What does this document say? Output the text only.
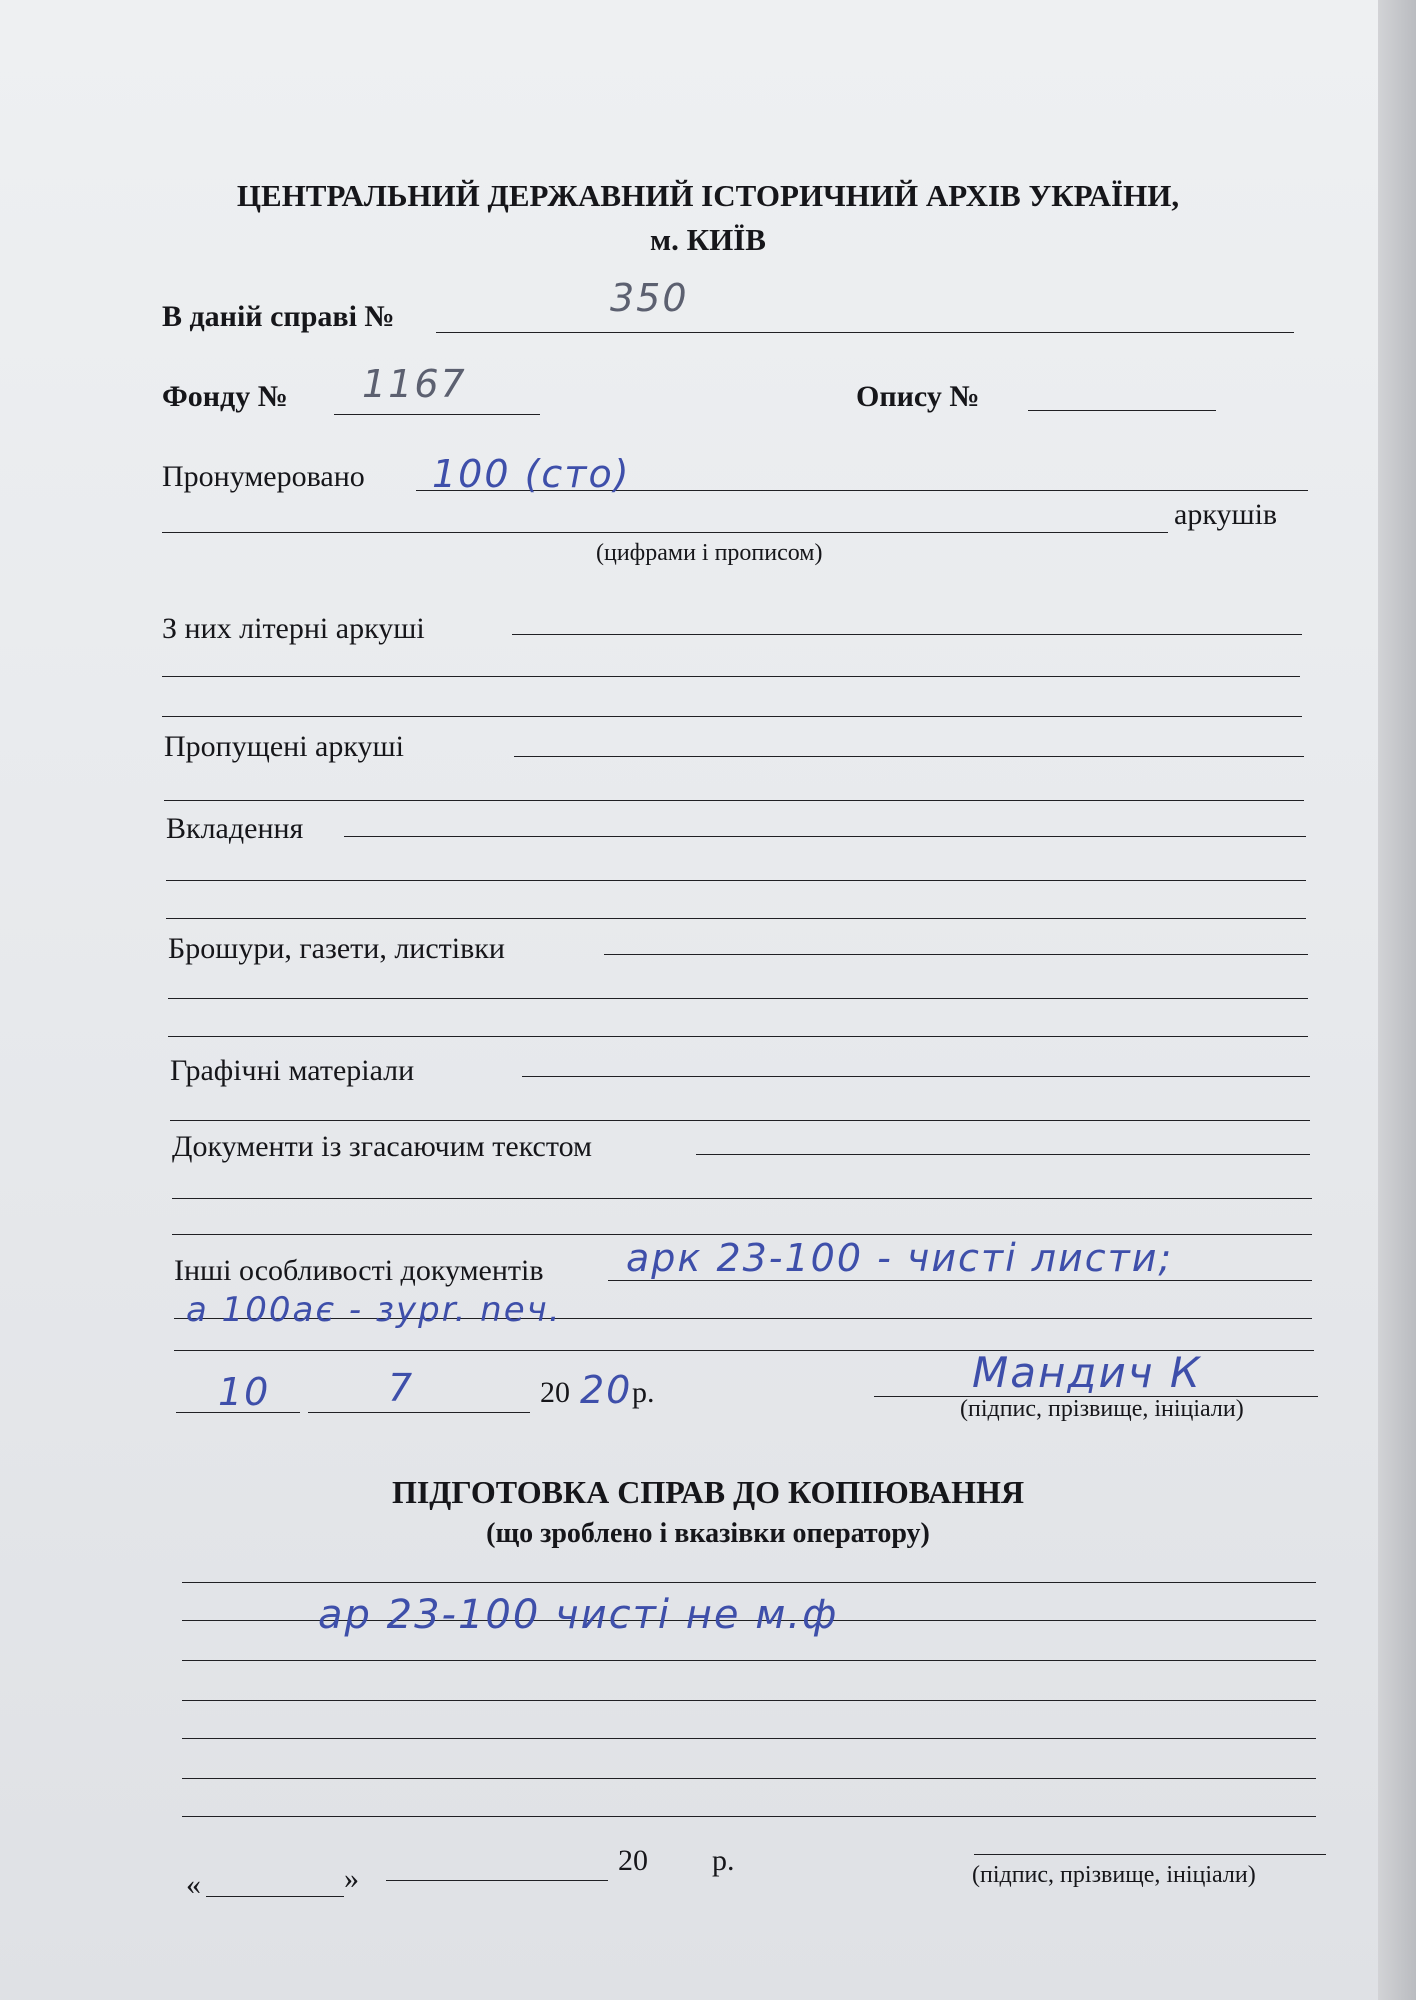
ЦЕНТРАЛЬНИЙ ДЕРЖАВНИЙ ІСТОРИЧНИЙ АРХІВ УКРАЇНИ,
м. КИЇВ
В даній справі №	350
Фонду № 1167	Опису №
Пронумеровано 100 (сто)
аркушів
(цифрами і прописом)
З них літерні аркуші
Пропущені аркуші
Вкладення
Брошури, газети, листівки
Графічні матеріали
Документи із згасаючим текстом
Інші особливості документів арк 23-100 - чисті листи;
а 100ає - зуpr. neч.
10	7	20 20 р.	Мандич К
(підпис, прізвище, ініціали)
ПІДГОТОВКА СПРАВ ДО КОПІЮВАННЯ
(що зроблено і вказівки оператору)
ар 23-100 чисті не м.ф
«	»
20 р.	(підпис, прізвище, ініціали)
